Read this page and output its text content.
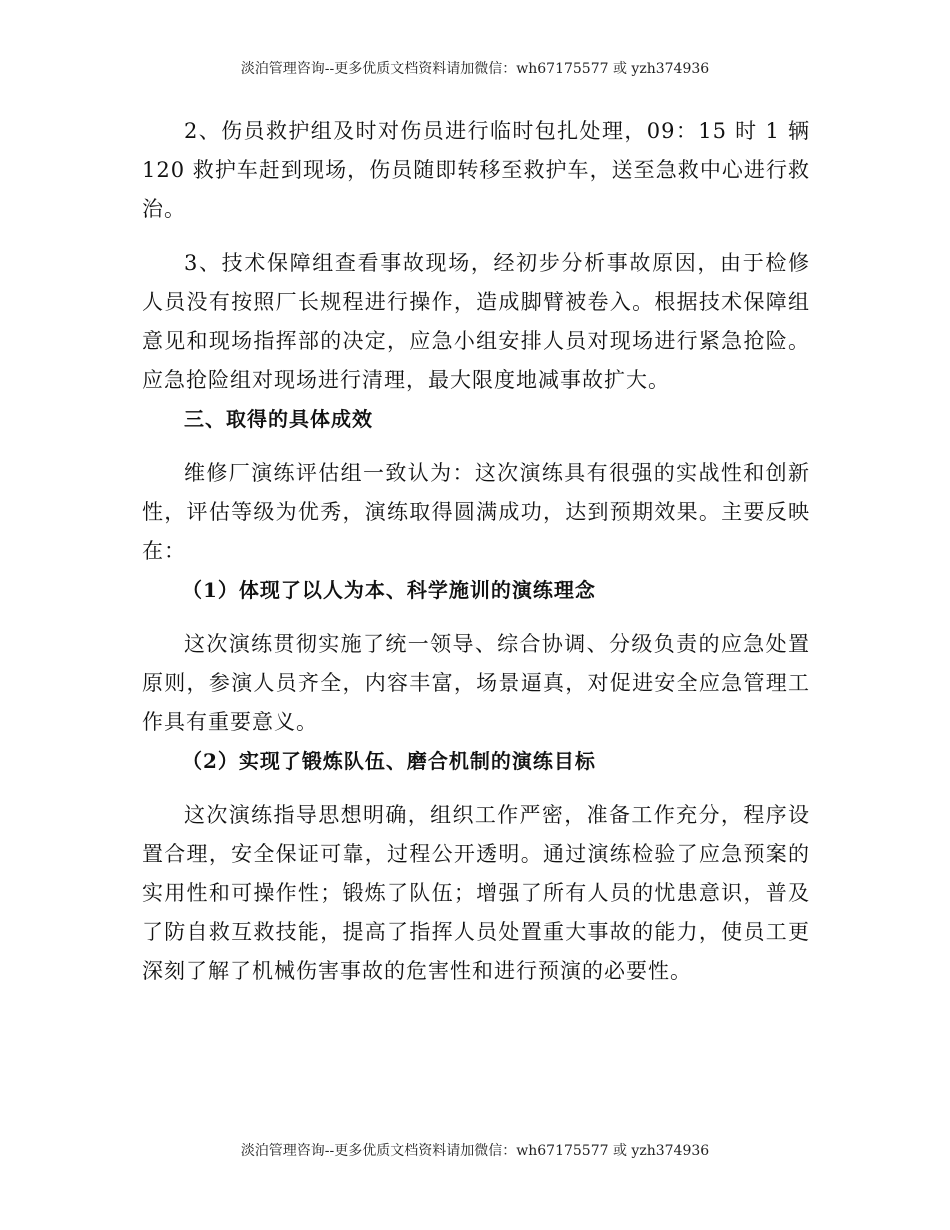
淡泊管理咨询--更多优质文档资料请加微信：wh67175577 或 yzh374936

2、伤员救护组及时对伤员进行临时包扎处理，09：15 时 1 辆 120 救护车赶到现场，伤员随即转移至救护车，送至急救中心进行救治。

3、技术保障组查看事故现场，经初步分析事故原因，由于检修人员没有按照厂长规程进行操作，造成脚臂被卷入。根据技术保障组意见和现场指挥部的决定，应急小组安排人员对现场进行紧急抢险。应急抢险组对现场进行清理，最大限度地减事故扩大。

三、取得的具体成效

维修厂演练评估组一致认为：这次演练具有很强的实战性和创新性，评估等级为优秀，演练取得圆满成功，达到预期效果。主要反映在：

（1）体现了以人为本、科学施训的演练理念

这次演练贯彻实施了统一领导、综合协调、分级负责的应急处置原则，参演人员齐全，内容丰富，场景逼真，对促进安全应急管理工作具有重要意义。

（2）实现了锻炼队伍、磨合机制的演练目标

这次演练指导思想明确，组织工作严密，准备工作充分，程序设置合理，安全保证可靠，过程公开透明。通过演练检验了应急预案的实用性和可操作性；锻炼了队伍；增强了所有人员的忧患意识，普及了防自救互救技能，提高了指挥人员处置重大事故的能力，使员工更深刻了解了机械伤害事故的危害性和进行预演的必要性。

淡泊管理咨询--更多优质文档资料请加微信：wh67175577 或 yzh374936
